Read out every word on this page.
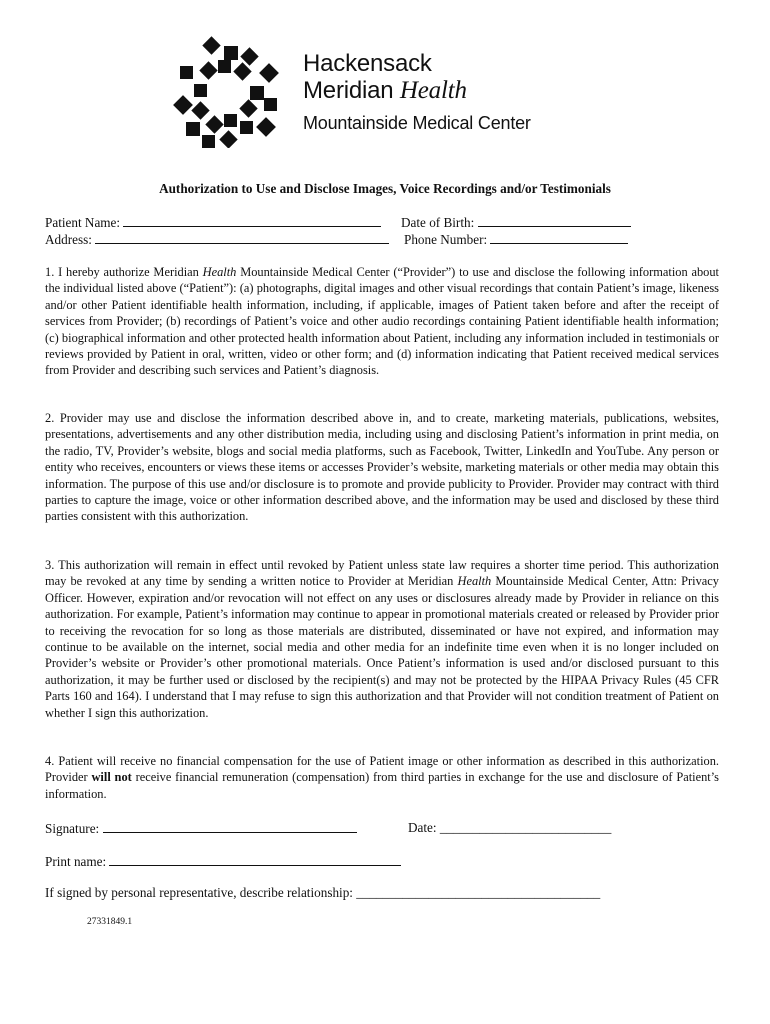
Hackensack
Meridian Health
Mountainside Medical Center
Authorization to Use and Disclose Images, Voice Recordings and/or Testimonials
Patient Name:	Date of Birth:
Address:	Phone Number:

1. I hereby authorize Meridian Health Mountainside Medical Center (“Provider”) to use and disclose the following information about the individual listed above (“Patient”): (a) photographs, digital images and other visual recordings that contain Patient’s image, likeness and/or other Patient identifiable health information, including, if applicable, images of Patient taken before and after the receipt of services from Provider; (b) recordings of Patient’s voice and other audio recordings containing Patient identifiable health information; (c) biographical information and other protected health information about Patient, including any information included in testimonials or reviews provided by Patient in oral, written, video or other form; and (d) information indicating that Patient received medical services from Provider and describing such services and Patient’s diagnosis.

2. Provider may use and disclose the information described above in, and to create, marketing materials, publications, websites, presentations, advertisements and any other distribution media, including using and disclosing Patient’s information in print media, on the radio, TV, Provider’s website, blogs and social media platforms, such as Facebook, Twitter, LinkedIn and YouTube. Any person or entity who receives, encounters or views these items or accesses Provider’s website, marketing materials or other media may obtain this information. The purpose of this use and/or disclosure is to promote and provide publicity to Provider. Provider may contract with third parties to capture the image, voice or other information described above, and the information may be used and disclosed by these third parties consistent with this authorization.

3. This authorization will remain in effect until revoked by Patient unless state law requires a shorter time period. This authorization may be revoked at any time by sending a written notice to Provider at Meridian Health Mountainside Medical Center, Attn: Privacy Officer. However, expiration and/or revocation will not effect on any uses or disclosures already made by Provider in reliance on this authorization. For example, Patient’s information may continue to appear in promotional materials created or released by Provider prior to receiving the revocation for so long as those materials are distributed, disseminated or have not expired, and information may continue to be available on the internet, social media and other media for an indefinite time even when it is no longer included on Provider’s website or Provider’s other promotional materials. Once Patient’s information is used and/or disclosed pursuant to this authorization, it may be further used or disclosed by the recipient(s) and may not be protected by the HIPAA Privacy Rules (45 CFR Parts 160 and 164). I understand that I may refuse to sign this authorization and that Provider will not condition treatment of Patient on whether I sign this authorization.

4. Patient will receive no financial compensation for the use of Patient image or other information as described in this authorization. Provider will not receive financial remuneration (compensation) from third parties in exchange for the use and disclosure of Patient’s information.

Signature:	Date: __________________________
Print name:
If signed by personal representative, describe relationship: _____________________________________
27331849.1
